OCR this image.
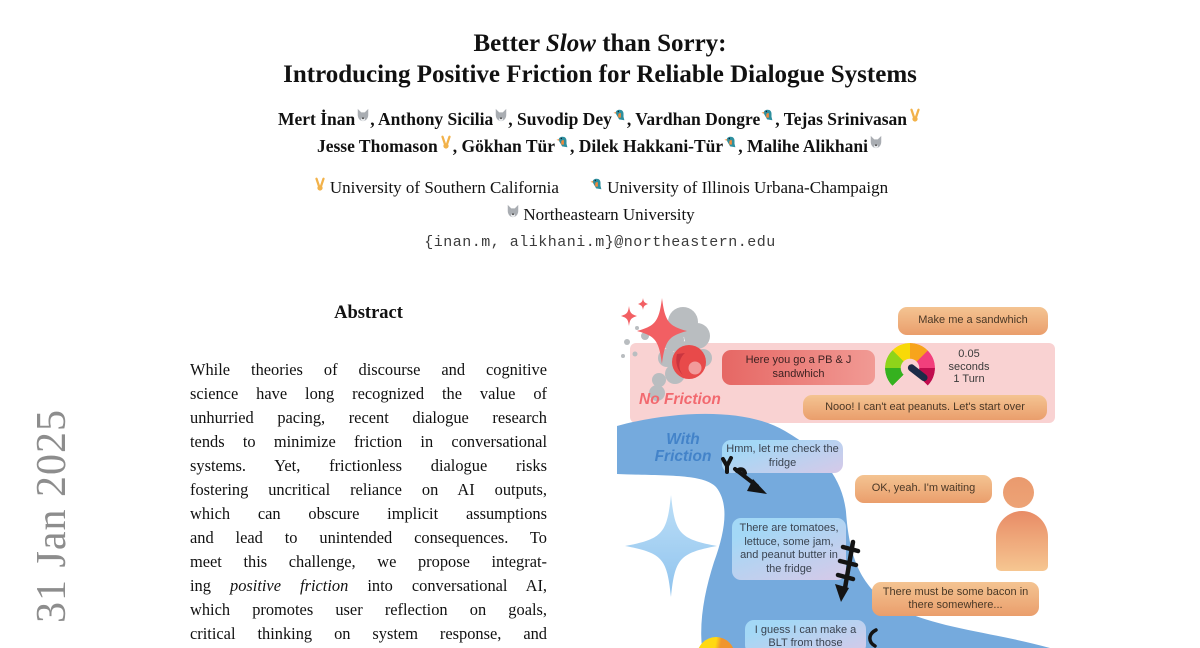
31 Jan 2025
Better Slow than Sorry:
Introducing Positive Friction for Reliable Dialogue Systems
Mert İnan , Anthony Sicilia , Suvodip Dey , Vardhan Dongre , Tejas Srinivasan

Jesse Thomason , Gökhan Tür , Dilek Hakkani-Tür , Malihe Alikhani
University of Southern California	University of Illinois Urbana-Champaign

Northeastearn University
{inan.m, alikhani.m}@northeastern.edu
Abstract
While theories of discourse and cognitive
science have long recognized the value of
unhurried pacing, recent dialogue research
tends to minimize friction in conversational
systems. Yet, frictionless dialogue risks
fostering uncritical reliance on AI outputs,
which can obscure implicit assumptions
and lead to unintended consequences. To
meet this challenge, we propose integrat-
ing positive friction into conversational AI,
which promotes user reflection on goals,
critical thinking on system response, and
Make me a sandwhich
Here you go a PB & J sandwhich
0.05
seconds
1 Turn
No Friction	Nooo! I can't eat peanuts. Let's start over
With Friction	Hmm, let me check the fridge
OK, yeah. I'm waiting
There are tomatoes, lettuce, some jam, and peanut butter in the fridge
There must be some bacon in there somewhere...
I guess I can make a BLT from those
